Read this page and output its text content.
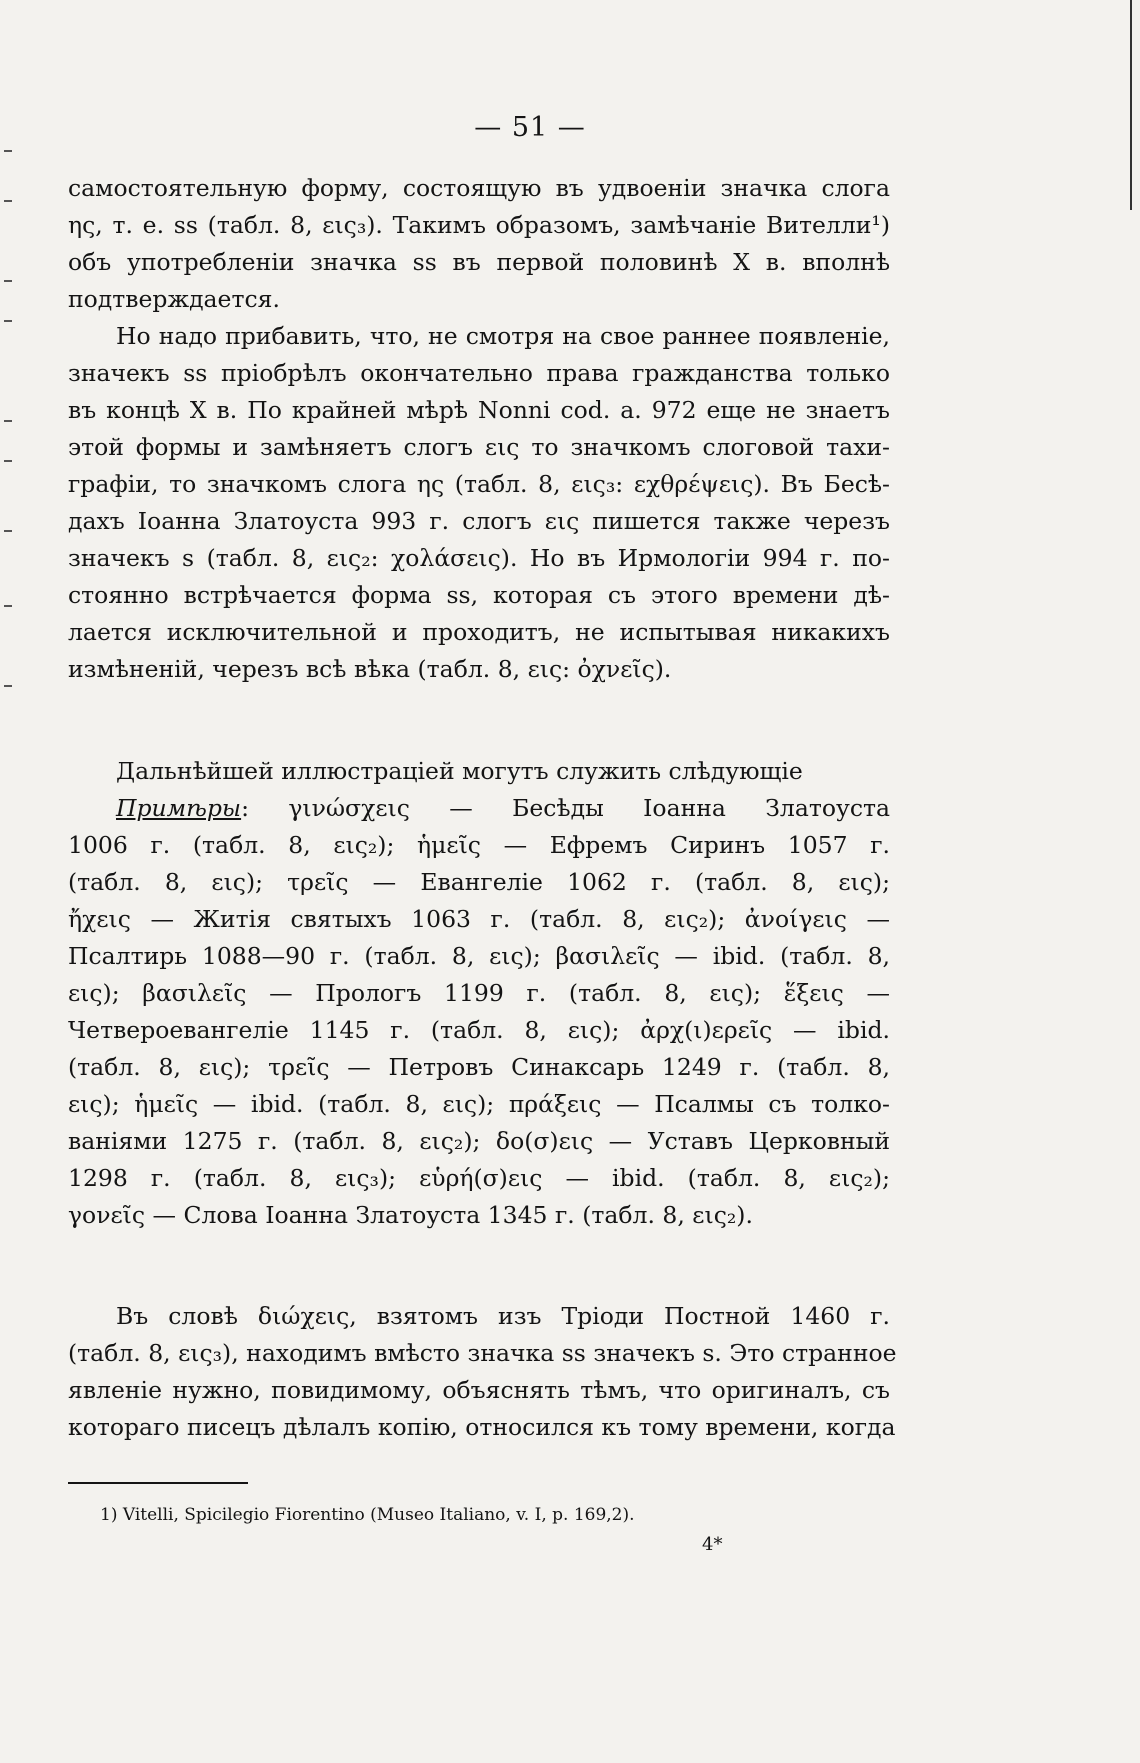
— 51 —
самостоятельную форму, состоящую въ удвоеніи значка слога
ης, т. е. ss (табл. 8, εις₃). Такимъ образомъ, замѣчаніе Вителли¹)
объ употребленіи значка ss въ первой половинѣ X в. вполнѣ
подтверждается.
Но надо прибавить, что, не смотря на свое раннее появленіе,
значекъ ss пріобрѣлъ окончательно права гражданства только
въ концѣ X в. По крайней мѣрѣ Nonni cod. a. 972 еще не знаетъ
этой формы и замѣняетъ слогъ εις то значкомъ слоговой тахи-
графіи, то значкомъ слога ης (табл. 8, εις₃: εχθρέψεις). Въ Бесѣ-
дахъ Іоанна Златоуста 993 г. слогъ εις пишется также черезъ
значекъ s (табл. 8, εις₂: χολάσεις). Но въ Ирмологіи 994 г. по-
стоянно встрѣчается форма ss, которая съ этого времени дѣ-
лается исключительной и проходитъ, не испытывая никакихъ
измѣненій, черезъ всѣ вѣка (табл. 8, εις: ὀχνεῖς).
Дальнѣйшей иллюстраціей могутъ служить слѣдующіе
Примѣры: γινώσχεις — Бесѣды Іоанна Златоуста
1006 г. (табл. 8, εις₂); ἡμεῖς — Ефремъ Сиринъ 1057 г.
(табл. 8, εις); τρεῖς — Евангеліе 1062 г. (табл. 8, εις);
ἤχεις — Житія святыхъ 1063 г. (табл. 8, εις₂); ἀνοίγεις —
Псалтирь 1088—90 г. (табл. 8, εις); βασιλεῖς — ibid. (табл. 8,
εις); βασιλεῖς — Прологъ 1199 г. (табл. 8, εις); ἕξεις —
Четвероевангеліе 1145 г. (табл. 8, εις); ἀρχ(ι)ερεῖς — ibid.
(табл. 8, εις); τρεῖς — Петровъ Синаксарь 1249 г. (табл. 8,
εις); ἡμεῖς — ibid. (табл. 8, εις); πράξεις — Псалмы съ толко-
ваніями 1275 г. (табл. 8, εις₂); δο(σ)εις — Уставъ Церковный
1298 г. (табл. 8, εις₃); εὑρή(σ)εις — ibid. (табл. 8, εις₂);
γονεῖς — Слова Іоанна Златоуста 1345 г. (табл. 8, εις₂).
Въ словѣ διώχεις, взятомъ изъ Тріоди Постной 1460 г.
(табл. 8, εις₃), находимъ вмѣсто значка ss значекъ s. Это странное
явленіе нужно, повидимому, объяснять тѣмъ, что оригиналъ, съ
котораго писецъ дѣлалъ копію, относился къ тому времени, когда
1) Vitelli, Spicilegio Fiorentino (Museo Italiano, v. I, p. 169,2).
4*
